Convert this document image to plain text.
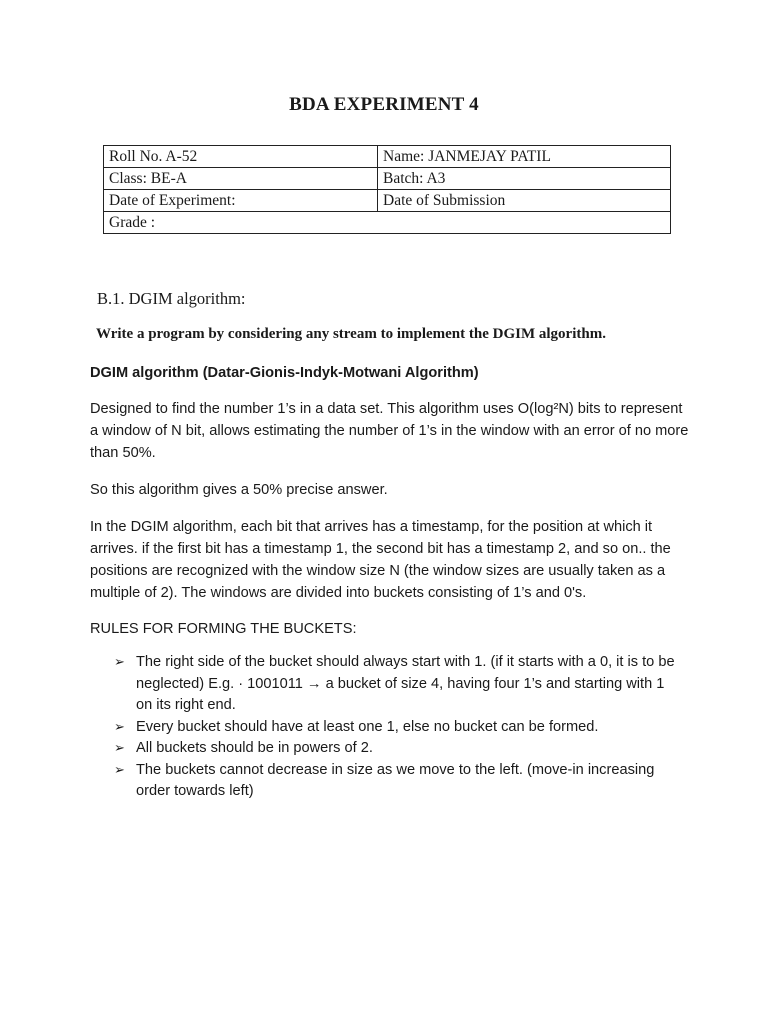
BDA EXPERIMENT 4
Roll No. A-52	Name: JANMEJAY PATIL
Class: BE-A	Batch: A3
Date of Experiment:	Date of Submission
Grade :	
B.1. DGIM algorithm:
Write a program by considering any stream to implement the DGIM algorithm.
DGIM algorithm (Datar-Gionis-Indyk-Motwani Algorithm)
Designed to find the number 1’s in a data set. This algorithm uses O(log²N) bits to represent a window of N bit, allows estimating the number of 1’s in the window with an error of no more than 50%.
So this algorithm gives a 50% precise answer.
In the DGIM algorithm, each bit that arrives has a timestamp, for the position at which it arrives. if the first bit has a timestamp 1, the second bit has a timestamp 2, and so on.. the positions are recognized with the window size N (the window sizes are usually taken as a multiple of 2). The windows are divided into buckets consisting of 1’s and 0's.
RULES FOR FORMING THE BUCKETS:
➢ The right side of the bucket should always start with 1. (if it starts with a 0, it is to be neglected) E.g. · 1001011 → a bucket of size 4, having four 1’s and starting with 1 on its right end.
➢ Every bucket should have at least one 1, else no bucket can be formed.
➢ All buckets should be in powers of 2.
➢ The buckets cannot decrease in size as we move to the left. (move-in increasing order towards left)
